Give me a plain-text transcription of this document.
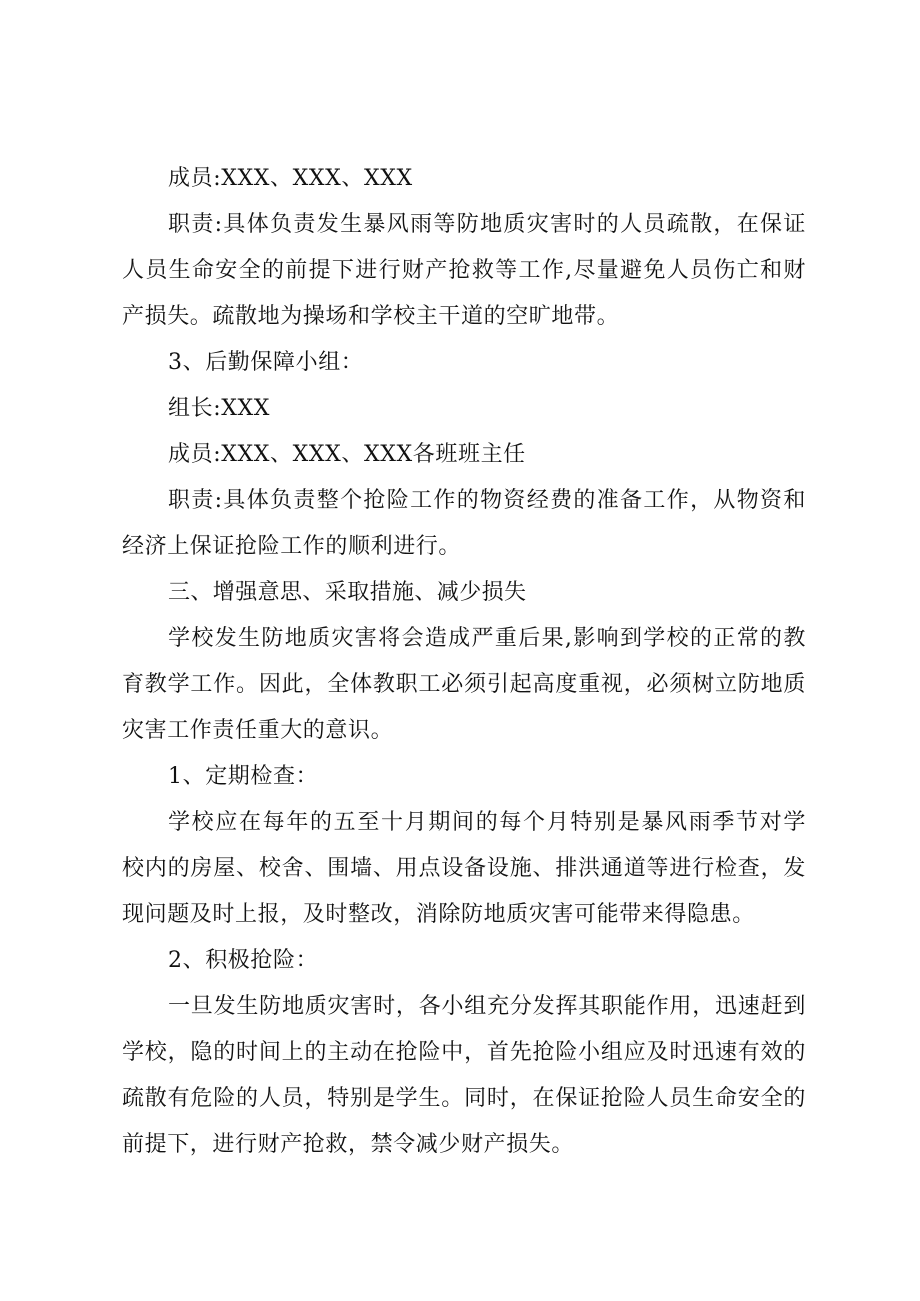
成员:XXX、XXX、XXX
职责:具体负责发生暴风雨等防地质灾害时的人员疏散，在保证
人员生命安全的前提下进行财产抢救等工作,尽量避免人员伤亡和财
产损失。疏散地为操场和学校主干道的空旷地带。
3、后勤保障小组：
组长:XXX
成员:XXX、XXX、XXX各班班主任
职责:具体负责整个抢险工作的物资经费的准备工作，从物资和
经济上保证抢险工作的顺利进行。
三、增强意思、采取措施、减少损失
学校发生防地质灾害将会造成严重后果,影响到学校的正常的教
育教学工作。因此，全体教职工必须引起高度重视，必须树立防地质
灾害工作责任重大的意识。
1、定期检查：
学校应在每年的五至十月期间的每个月特别是暴风雨季节对学
校内的房屋、校舍、围墙、用点设备设施、排洪通道等进行检查，发
现问题及时上报，及时整改，消除防地质灾害可能带来得隐患。
2、积极抢险：
一旦发生防地质灾害时，各小组充分发挥其职能作用，迅速赶到
学校，隐的时间上的主动在抢险中，首先抢险小组应及时迅速有效的
疏散有危险的人员，特别是学生。同时，在保证抢险人员生命安全的
前提下，进行财产抢救，禁令减少财产损失。
